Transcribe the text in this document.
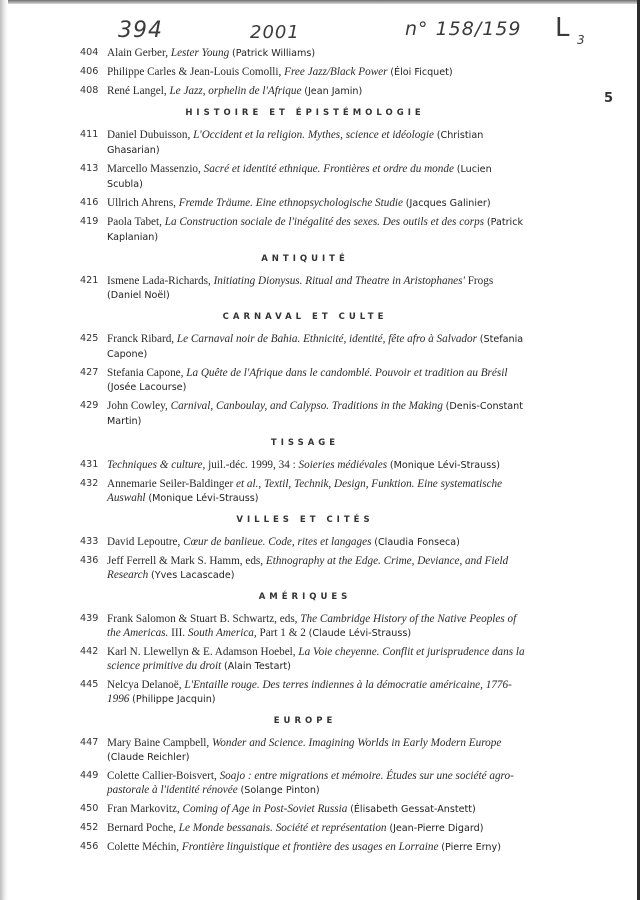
394	2001	n° 158/159 L 3
5
404 Alain Gerber, Lester Young (Patrick Williams)
406 Philippe Carles & Jean-Louis Comolli, Free Jazz/Black Power (Éloi Ficquet)
408 René Langel, Le Jazz, orphelin de l'Afrique (Jean Jamin)
HISTOIRE ET ÉPISTÉMOLOGIE
411 Daniel Dubuisson, L'Occident et la religion. Mythes, science et idéologie (Christian Ghasarian)
413 Marcello Massenzio, Sacré et identité ethnique. Frontières et ordre du monde (Lucien Scubla)
416 Ullrich Ahrens, Fremde Träume. Eine ethnopsychologische Studie (Jacques Galinier)
419 Paola Tabet, La Construction sociale de l'inégalité des sexes. Des outils et des corps (Patrick Kaplanian)
ANTIQUITÉ
421 Ismene Lada-Richards, Initiating Dionysus. Ritual and Theatre in Aristophanes' Frogs (Daniel Noël)
CARNAVAL ET CULTE
425 Franck Ribard, Le Carnaval noir de Bahia. Ethnicité, identité, fête afro à Salvador (Stefania Capone)
427 Stefania Capone, La Quête de l'Afrique dans le candomblé. Pouvoir et tradition au Brésil (Josée Lacourse)
429 John Cowley, Carnival, Canboulay, and Calypso. Traditions in the Making (Denis-Constant Martin)
TISSAGE
431 Techniques & culture, juil.-déc. 1999, 34 : Soieries médiévales (Monique Lévi-Strauss)
432 Annemarie Seiler-Baldinger et al., Textil, Technik, Design, Funktion. Eine systematische Auswahl (Monique Lévi-Strauss)
VILLES ET CITÉS
433 David Lepoutre, Cœur de banlieue. Code, rites et langages (Claudia Fonseca)
436 Jeff Ferrell & Mark S. Hamm, eds, Ethnography at the Edge. Crime, Deviance, and Field Research (Yves Lacascade)
AMÉRIQUES
439 Frank Salomon & Stuart B. Schwartz, eds, The Cambridge History of the Native Peoples of the Americas. III. South America, Part 1 & 2 (Claude Lévi-Strauss)
442 Karl N. Llewellyn & E. Adamson Hoebel, La Voie cheyenne. Conflit et jurisprudence dans la science primitive du droit (Alain Testart)
445 Nelcya Delanoë, L'Entaille rouge. Des terres indiennes à la démocratie américaine, 1776-1996 (Philippe Jacquin)
EUROPE
447 Mary Baine Campbell, Wonder and Science. Imagining Worlds in Early Modern Europe (Claude Reichler)
449 Colette Callier-Boisvert, Soajo : entre migrations et mémoire. Études sur une société agro-pastorale à l'identité rénovée (Solange Pinton)
450 Fran Markovitz, Coming of Age in Post-Soviet Russia (Élisabeth Gessat-Anstett)
452 Bernard Poche, Le Monde bessanais. Société et représentation (Jean-Pierre Digard)
456 Colette Méchin, Frontière linguistique et frontière des usages en Lorraine (Pierre Erny)
